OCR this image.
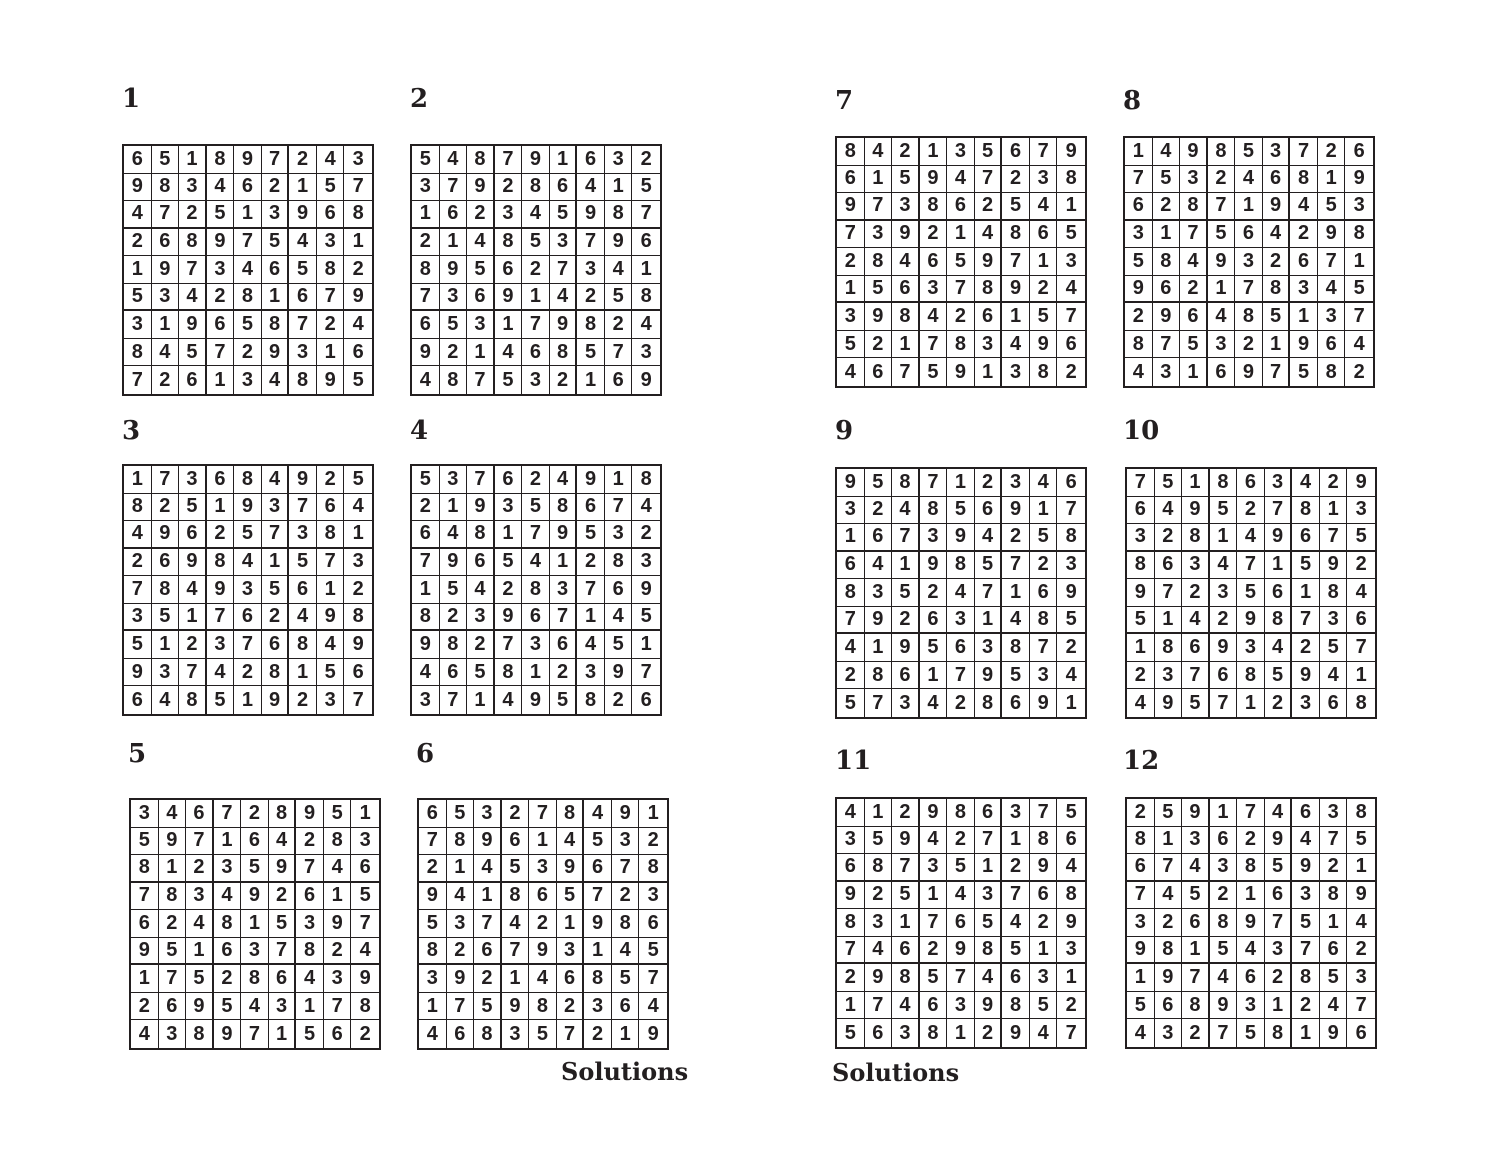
1
6 5 1 8 9 7 2 4 3
9 8 3 4 6 2 1 5 7
4 7 2 5 1 3 9 6 8
2 6 8 9 7 5 4 3 1
1 9 7 3 4 6 5 8 2
5 3 4 2 8 1 6 7 9
3 1 9 6 5 8 7 2 4
8 4 5 7 2 9 3 1 6
7 2 6 1 3 4 8 9 5
2
5 4 8 7 9 1 6 3 2
3 7 9 2 8 6 4 1 5
1 6 2 3 4 5 9 8 7
2 1 4 8 5 3 7 9 6
8 9 5 6 2 7 3 4 1
7 3 6 9 1 4 2 5 8
6 5 3 1 7 9 8 2 4
9 2 1 4 6 8 5 7 3
4 8 7 5 3 2 1 6 9
3
1 7 3 6 8 4 9 2 5
8 2 5 1 9 3 7 6 4
4 9 6 2 5 7 3 8 1
2 6 9 8 4 1 5 7 3
7 8 4 9 3 5 6 1 2
3 5 1 7 6 2 4 9 8
5 1 2 3 7 6 8 4 9
9 3 7 4 2 8 1 5 6
6 4 8 5 1 9 2 3 7
4
5 3 7 6 2 4 9 1 8
2 1 9 3 5 8 6 7 4
6 4 8 1 7 9 5 3 2
7 9 6 5 4 1 2 8 3
1 5 4 2 8 3 7 6 9
8 2 3 9 6 7 1 4 5
9 8 2 7 3 6 4 5 1
4 6 5 8 1 2 3 9 7
3 7 1 4 9 5 8 2 6
5
3 4 6 7 2 8 9 5 1
5 9 7 1 6 4 2 8 3
8 1 2 3 5 9 7 4 6
7 8 3 4 9 2 6 1 5
6 2 4 8 1 5 3 9 7
9 5 1 6 3 7 8 2 4
1 7 5 2 8 6 4 3 9
2 6 9 5 4 3 1 7 8
4 3 8 9 7 1 5 6 2
6
6 5 3 2 7 8 4 9 1
7 8 9 6 1 4 5 3 2
2 1 4 5 3 9 6 7 8
9 4 1 8 6 5 7 2 3
5 3 7 4 2 1 9 8 6
8 2 6 7 9 3 1 4 5
3 9 2 1 4 6 8 5 7
1 7 5 9 8 2 3 6 4
4 6 8 3 5 7 2 1 9
7
8 4 2 1 3 5 6 7 9
6 1 5 9 4 7 2 3 8
9 7 3 8 6 2 5 4 1
7 3 9 2 1 4 8 6 5
2 8 4 6 5 9 7 1 3
1 5 6 3 7 8 9 2 4
3 9 8 4 2 6 1 5 7
5 2 1 7 8 3 4 9 6
4 6 7 5 9 1 3 8 2
8
1 4 9 8 5 3 7 2 6
7 5 3 2 4 6 8 1 9
6 2 8 7 1 9 4 5 3
3 1 7 5 6 4 2 9 8
5 8 4 9 3 2 6 7 1
9 6 2 1 7 8 3 4 5
2 9 6 4 8 5 1 3 7
8 7 5 3 2 1 9 6 4
4 3 1 6 9 7 5 8 2
9
9 5 8 7 1 2 3 4 6
3 2 4 8 5 6 9 1 7
1 6 7 3 9 4 2 5 8
6 4 1 9 8 5 7 2 3
8 3 5 2 4 7 1 6 9
7 9 2 6 3 1 4 8 5
4 1 9 5 6 3 8 7 2
2 8 6 1 7 9 5 3 4
5 7 3 4 2 8 6 9 1
10
7 5 1 8 6 3 4 2 9
6 4 9 5 2 7 8 1 3
3 2 8 1 4 9 6 7 5
8 6 3 4 7 1 5 9 2
9 7 2 3 5 6 1 8 4
5 1 4 2 9 8 7 3 6
1 8 6 9 3 4 2 5 7
2 3 7 6 8 5 9 4 1
4 9 5 7 1 2 3 6 8
11
4 1 2 9 8 6 3 7 5
3 5 9 4 2 7 1 8 6
6 8 7 3 5 1 2 9 4
9 2 5 1 4 3 7 6 8
8 3 1 7 6 5 4 2 9
7 4 6 2 9 8 5 1 3
2 9 8 5 7 4 6 3 1
1 7 4 6 3 9 8 5 2
5 6 3 8 1 2 9 4 7
12
2 5 9 1 7 4 6 3 8
8 1 3 6 2 9 4 7 5
6 7 4 3 8 5 9 2 1
7 4 5 2 1 6 3 8 9
3 2 6 8 9 7 5 1 4
9 8 1 5 4 3 7 6 2
1 9 7 4 6 2 8 5 3
5 6 8 9 3 1 2 4 7
4 3 2 7 5 8 1 9 6
Solutions	Solutions
